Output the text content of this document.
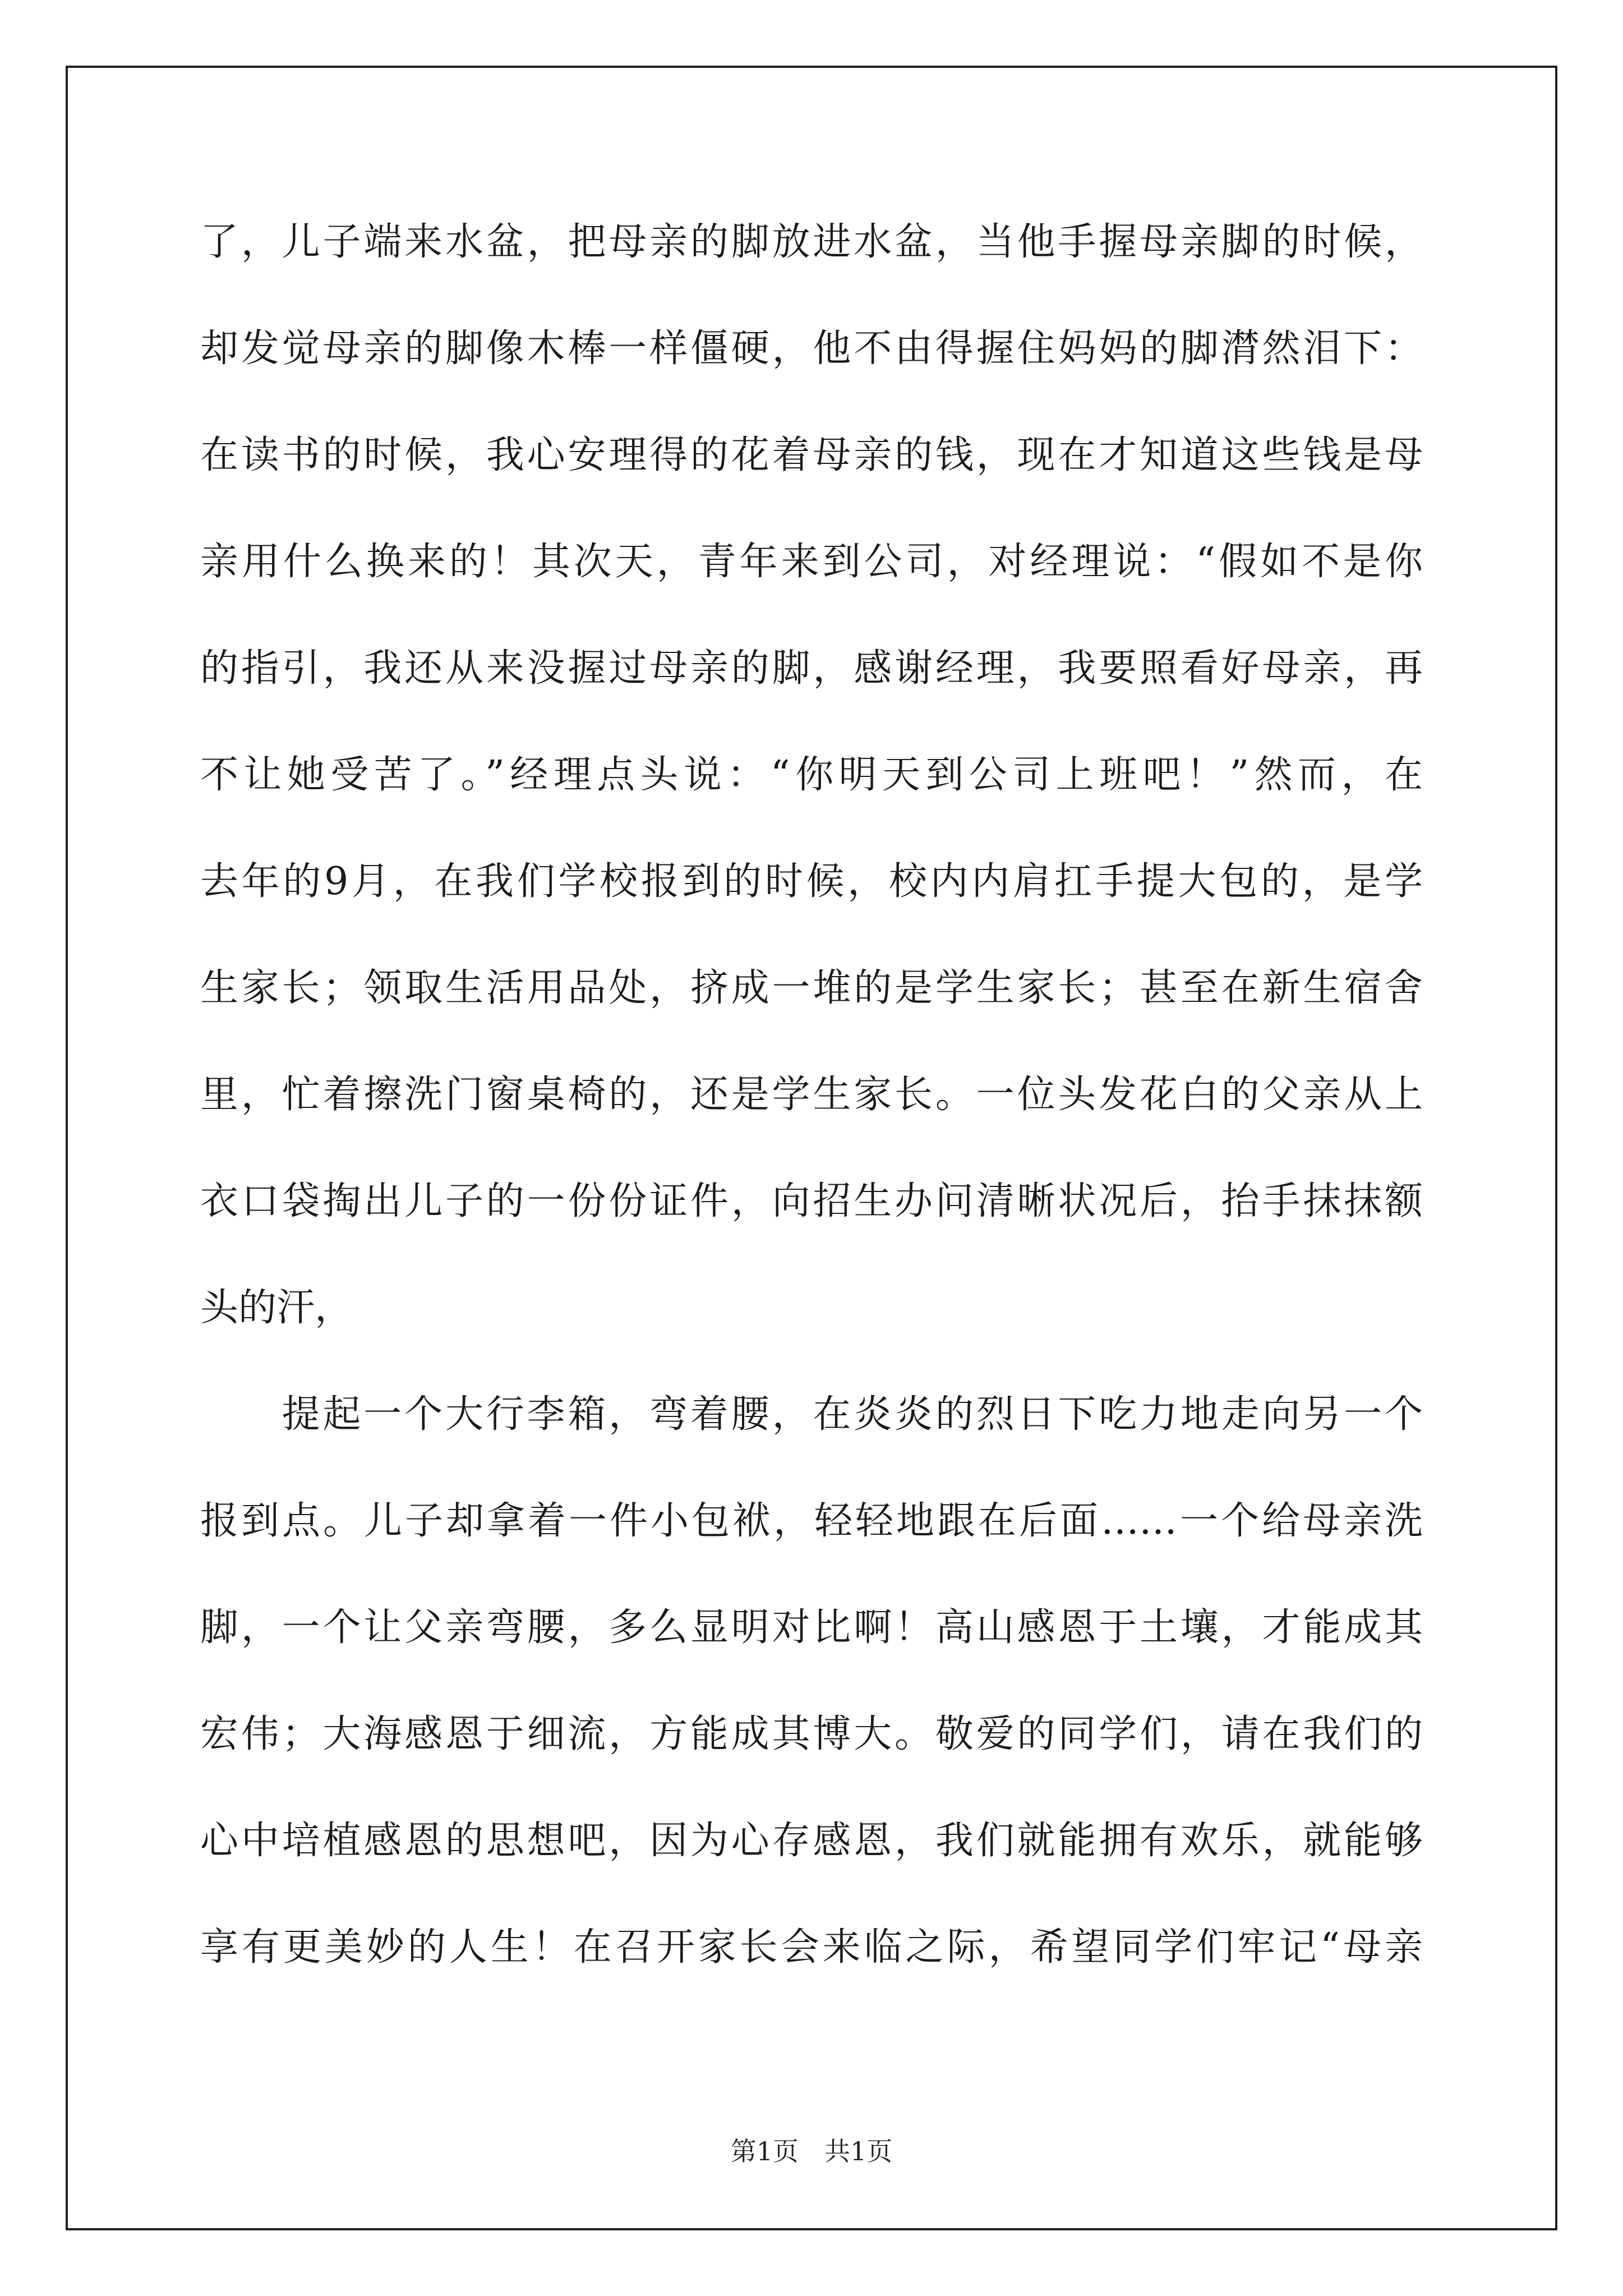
了，儿子端来水盆，把母亲的脚放进水盆，当他手握母亲脚的时候，
却发觉母亲的脚像木棒一样僵硬，他不由得握住妈妈的脚潸然泪下：
在读书的时候，我心安理得的花着母亲的钱，现在才知道这些钱是母
亲用什么换来的！其次天，青年来到公司，对经理说：“假如不是你
的指引，我还从来没握过母亲的脚，感谢经理，我要照看好母亲，再
不让她受苦了。”经理点头说：“你明天到公司上班吧！”然而，在
去年的9月，在我们学校报到的时候，校内内肩扛手提大包的，是学
生家长；领取生活用品处，挤成一堆的是学生家长；甚至在新生宿舍
里，忙着擦洗门窗桌椅的，还是学生家长。一位头发花白的父亲从上
衣口袋掏出儿子的一份份证件，向招生办问清晰状况后，抬手抹抹额
头的汗，
　　提起一个大行李箱，弯着腰，在炎炎的烈日下吃力地走向另一个
报到点。儿子却拿着一件小包袱，轻轻地跟在后面……一个给母亲洗
脚，一个让父亲弯腰，多么显明对比啊！高山感恩于土壤，才能成其
宏伟；大海感恩于细流，方能成其博大。敬爱的同学们，请在我们的
心中培植感恩的思想吧，因为心存感恩，我们就能拥有欢乐，就能够
享有更美妙的人生！在召开家长会来临之际，希望同学们牢记“母亲
第1页　共1页
